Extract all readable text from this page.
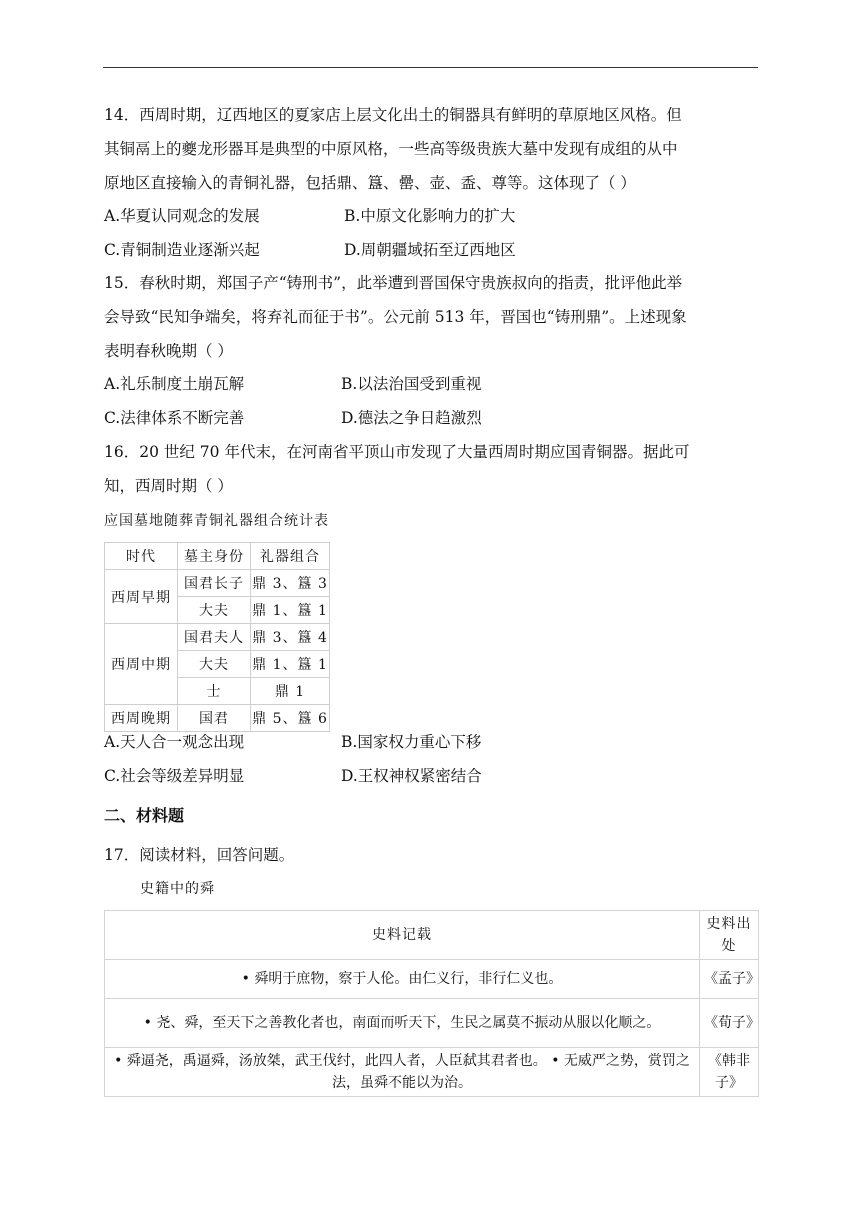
14．西周时期，辽西地区的夏家店上层文化出土的铜器具有鲜明的草原地区风格。但
其铜鬲上的夔龙形器耳是典型的中原风格，一些高等级贵族大墓中发现有成组的从中
原地区直接输入的青铜礼器，包括鼎、簋、罍、壶、盉、尊等。这体现了（ ）
A.华夏认同观念的发展	B.中原文化影响力的扩大
C.青铜制造业逐渐兴起	D.周朝疆域拓至辽西地区
15．春秋时期，郑国子产“铸刑书”，此举遭到晋国保守贵族叔向的指责，批评他此举
会导致“民知争端矣，将弃礼而征于书”。公元前 513 年，晋国也“铸刑鼎”。上述现象
表明春秋晚期（ ）
A.礼乐制度土崩瓦解	B.以法治国受到重视
C.法律体系不断完善	D.德法之争日趋激烈
16．20 世纪 70 年代末，在河南省平顶山市发现了大量西周时期应国青铜器。据此可
知，西周时期（ ）
应国墓地随葬青铜礼器组合统计表
时代	墓主身份	礼器组合
西周早期	国君长子	鼎 3、簋 3
	大夫	鼎 1、簋 1
西周中期	国君夫人	鼎 3、簋 4
	大夫	鼎 1、簋 1
	士	鼎 1
西周晚期	国君	鼎 5、簋 6
A.天人合一观念出现	B.国家权力重心下移
C.社会等级差异明显	D.王权神权紧密结合
二、材料题
17．阅读材料，回答问题。
史籍中的舜
史料记载	史料出处
• 舜明于庶物，察于人伦。由仁义行，非行仁义也。	《孟子》
• 尧、舜，至天下之善教化者也，南面而听天下，生民之属莫不振动从服以化顺之。	《荀子》
• 舜逼尧，禹逼舜，汤放桀，武王伐纣，此四人者，人臣弑其君者也。 • 无威严之势，赏罚之法，虽舜不能以为治。	《韩非子》
